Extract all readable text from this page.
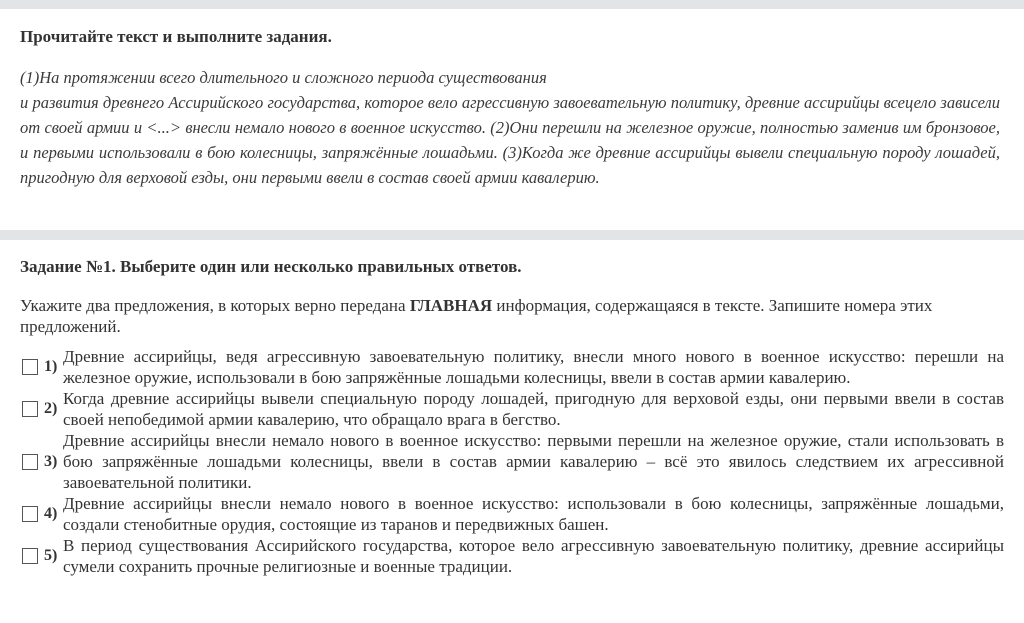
Прочитайте текст и выполните задания.
(1)На протяжении всего длительного и сложного периода существования
и развития древнего Ассирийского государства, которое вело агрессивную завоевательную политику, древние ассирийцы всецело зависели от своей армии и <...> внесли немало нового в военное искусство. (2)Они перешли на железное оружие, полностью заменив им бронзовое, и первыми использовали в бою колесницы, запряжённые лошадьми. (3)Когда же древние ассирийцы вывели специальную породу лошадей, пригодную для верховой езды, они первыми ввели в состав своей армии кавалерию.
Задание №1. Выберите один или несколько правильных ответов.
Укажите два предложения, в которых верно передана ГЛАВНАЯ информация, содержащаяся в тексте. Запишите номера этих предложений.
1)
Древние ассирийцы, ведя агрессивную завоевательную политику, внесли много нового в военное искусство: перешли на железное оружие, использовали в бою запряжённые лошадьми колесницы, ввели в состав армии кавалерию.
2)
Когда древние ассирийцы вывели специальную породу лошадей, пригодную для верховой езды, они первыми ввели в состав своей непобедимой армии кавалерию, что обращало врага в бегство.
3)
Древние ассирийцы внесли немало нового в военное искусство: первыми перешли на железное оружие, стали использовать в бою запряжённые лошадьми колесницы, ввели в состав армии кавалерию – всё это явилось следствием их агрессивной завоевательной политики.
4)
Древние ассирийцы внесли немало нового в военное искусство: использовали в бою колесницы, запряжённые лошадьми, создали стенобитные орудия, состоящие из таранов и передвижных башен.
5)
В период существования Ассирийского государства, которое вело агрессивную завоевательную политику, древние ассирийцы сумели сохранить прочные религиозные и военные традиции.
